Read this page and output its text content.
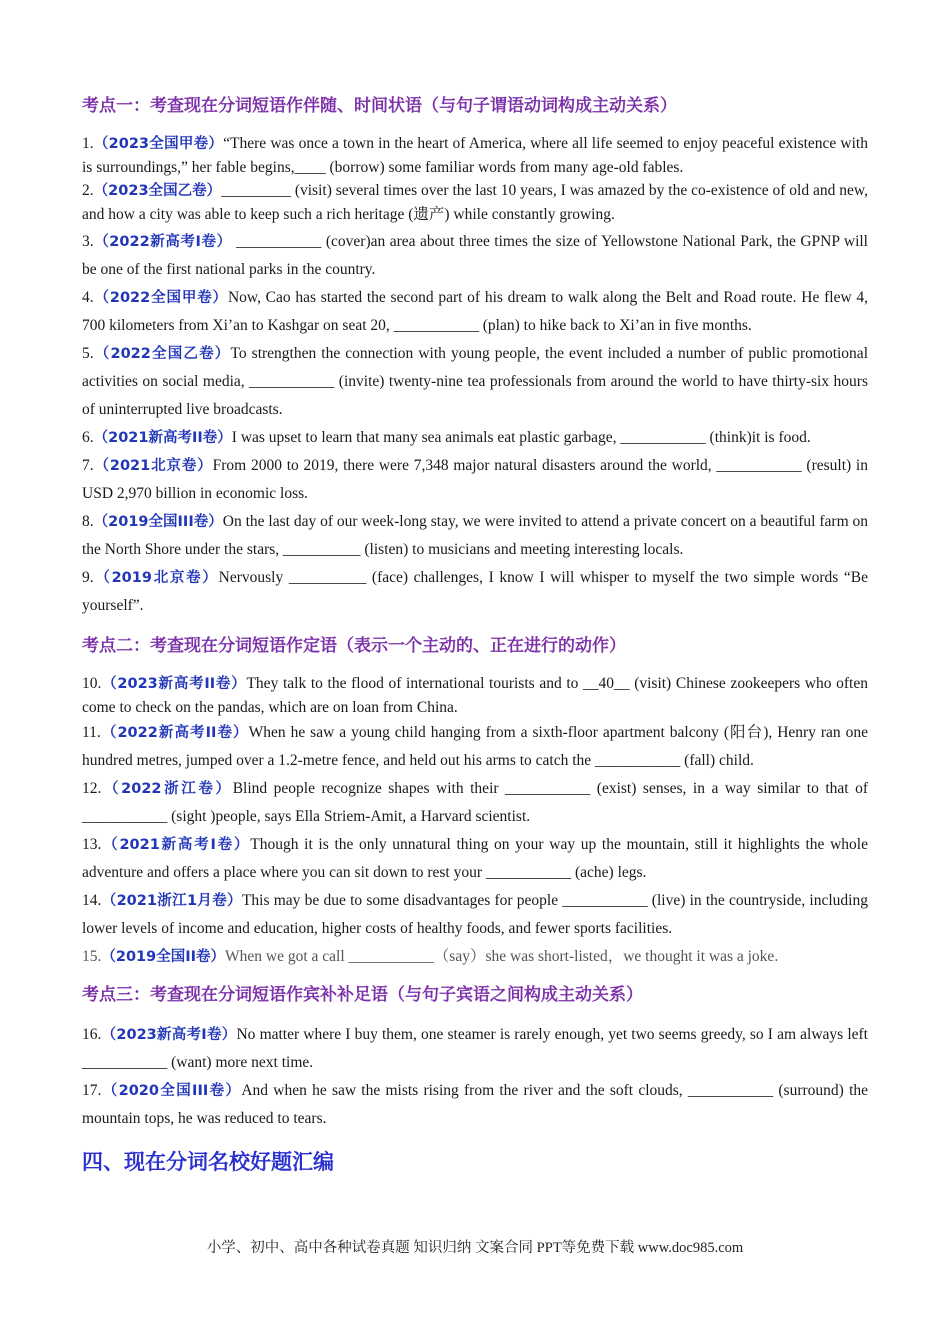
考点一：考查现在分词短语作伴随、时间状语（与句子谓语动词构成主动关系）
1.（2023全国甲卷）“There was once a town in the heart of America, where all life seemed to enjoy peaceful existence with is surroundings,” her fable begins,____ (borrow) some familiar words from many age-old fables.
2.（2023全国乙卷）_________ (visit) several times over the last 10 years, I was amazed by the co-existence of old and new, and how a city was able to keep such a rich heritage (遗产) while constantly growing.
3.（2022新高考I卷） ___________ (cover)an area about three times the size of Yellowstone National Park, the GPNP will be one of the first national parks in the country.
4.（2022全国甲卷）Now, Cao has started the second part of his dream to walk along the Belt and Road route. He flew 4, 700 kilometers from Xi’an to Kashgar on seat 20, ___________ (plan) to hike back to Xi’an in five months.
5.（2022全国乙卷）To strengthen the connection with young people, the event included a number of public promotional activities on social media, ___________ (invite) twenty-nine tea professionals from around the world to have thirty-six hours of uninterrupted live broadcasts.
6.（2021新高考II卷）I was upset to learn that many sea animals eat plastic garbage, ___________ (think)it is food.
7.（2021北京卷）From 2000 to 2019, there were 7,348 major natural disasters around the world, ___________ (result) in USD 2,970 billion in economic loss.
8.（2019全国III卷）On the last day of our week-long stay, we were invited to attend a private concert on a beautiful farm on the North Shore under the stars, __________ (listen) to musicians and meeting interesting locals.
9.（2019北京卷）Nervously __________ (face) challenges, I know I will whisper to myself the two simple words “Be yourself”.
考点二：考查现在分词短语作定语（表示一个主动的、正在进行的动作）
10.（2023新高考II卷）They talk to the flood of international tourists and to __40__ (visit) Chinese zookeepers who often come to check on the pandas, which are on loan from China.
11.（2022新高考II卷）When he saw a young child hanging from a sixth-floor apartment balcony (阳台), Henry ran one hundred metres, jumped over a 1.2-metre fence, and held out his arms to catch the ___________ (fall) child.
12.（2022浙江卷）Blind people recognize shapes with their ___________ (exist) senses, in a way similar to that of ___________ (sight )people, says Ella Striem-Amit, a Harvard scientist.
13.（2021新高考I卷）Though it is the only unnatural thing on your way up the mountain, still it highlights the whole adventure and offers a place where you can sit down to rest your ___________ (ache) legs.
14.（2021浙江1月卷）This may be due to some disadvantages for people ___________ (live) in the countryside, including lower levels of income and education, higher costs of healthy foods, and fewer sports facilities.
15.（2019全国II卷）When we got a call ___________（say）she was short-listed，we thought it was a joke.
考点三：考查现在分词短语作宾补补足语（与句子宾语之间构成主动关系）
16.（2023新高考I卷）No matter where I buy them, one steamer is rarely enough, yet two seems greedy, so I am always left ___________ (want) more next time.
17.（2020全国III卷）And when he saw the mists rising from the river and the soft clouds, ___________ (surround) the mountain tops, he was reduced to tears.
四、现在分词名校好题汇编
小学、初中、高中各种试卷真题 知识归纳 文案合同 PPT等免费下载 www.doc985.com
